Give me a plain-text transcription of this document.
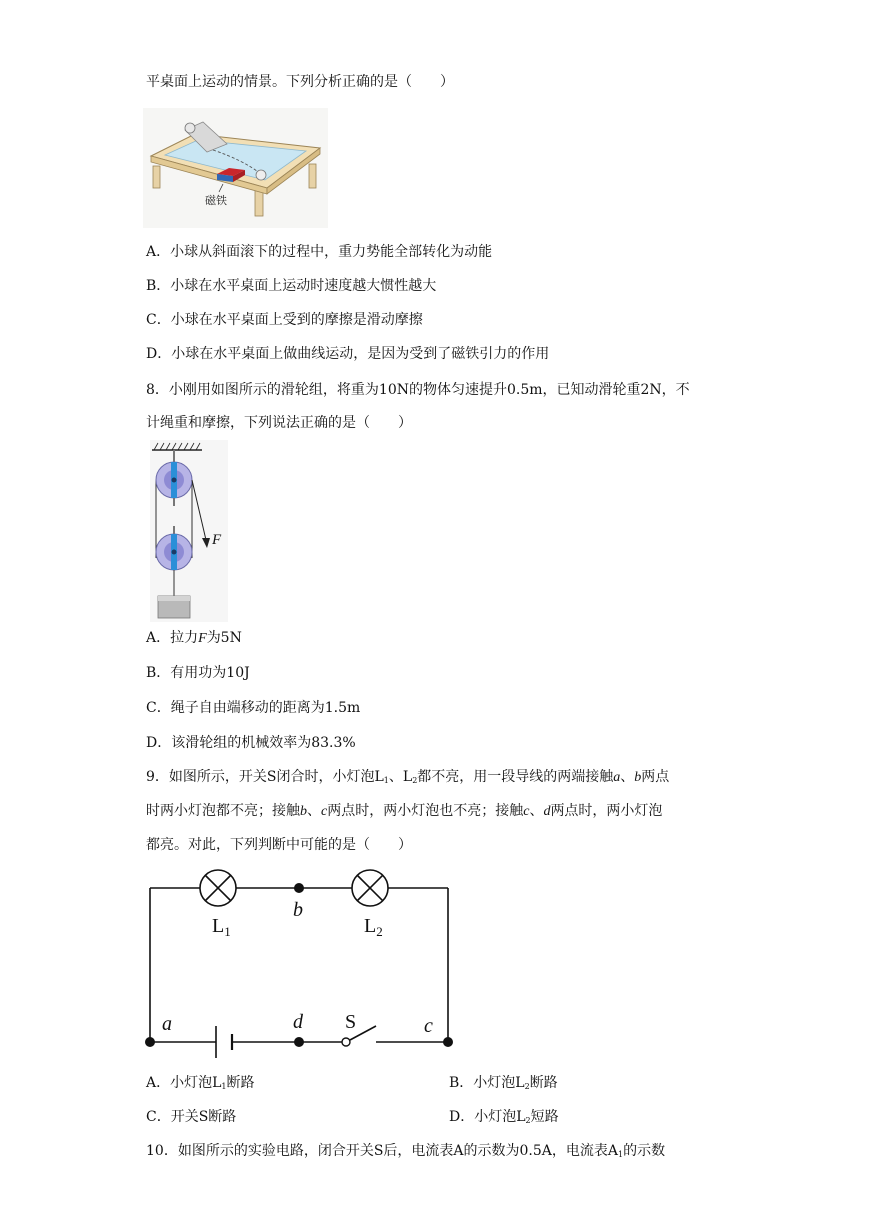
平桌面上运动的情景。下列分析正确的是（　　）
磁铁
A．小球从斜面滚下的过程中，重力势能全部转化为动能
B．小球在水平桌面上运动时速度越大惯性越大
C．小球在水平桌面上受到的摩擦是滑动摩擦
D．小球在水平桌面上做曲线运动，是因为受到了磁铁引力的作用
8．小刚用如图所示的滑轮组，将重为10N的物体匀速提升0.5m，已知动滑轮重2N，不
计绳重和摩擦，下列说法正确的是（　　）
F
A．拉力F为5N
B．有用功为10J
C．绳子自由端移动的距离为1.5m
D．该滑轮组的机械效率为83.3%
9．如图所示，开关S闭合时，小灯泡$L_1$、$L_2$都不亮，用一段导线的两端接触a、b两点
时两小灯泡都不亮；接触b、c两点时，两小灯泡也不亮；接触c、d两点时，两小灯泡
都亮。对此，下列判断中可能的是（　　）
$L_1$	$L_2$
b
a	d S	c
A．小灯泡$L_1$断路	B．小灯泡$L_2$断路
C．开关S断路	D．小灯泡$L_2$短路
10．如图所示的实验电路，闭合开关S后，电流表A的示数为0.5A，电流表$A_1$的示数
